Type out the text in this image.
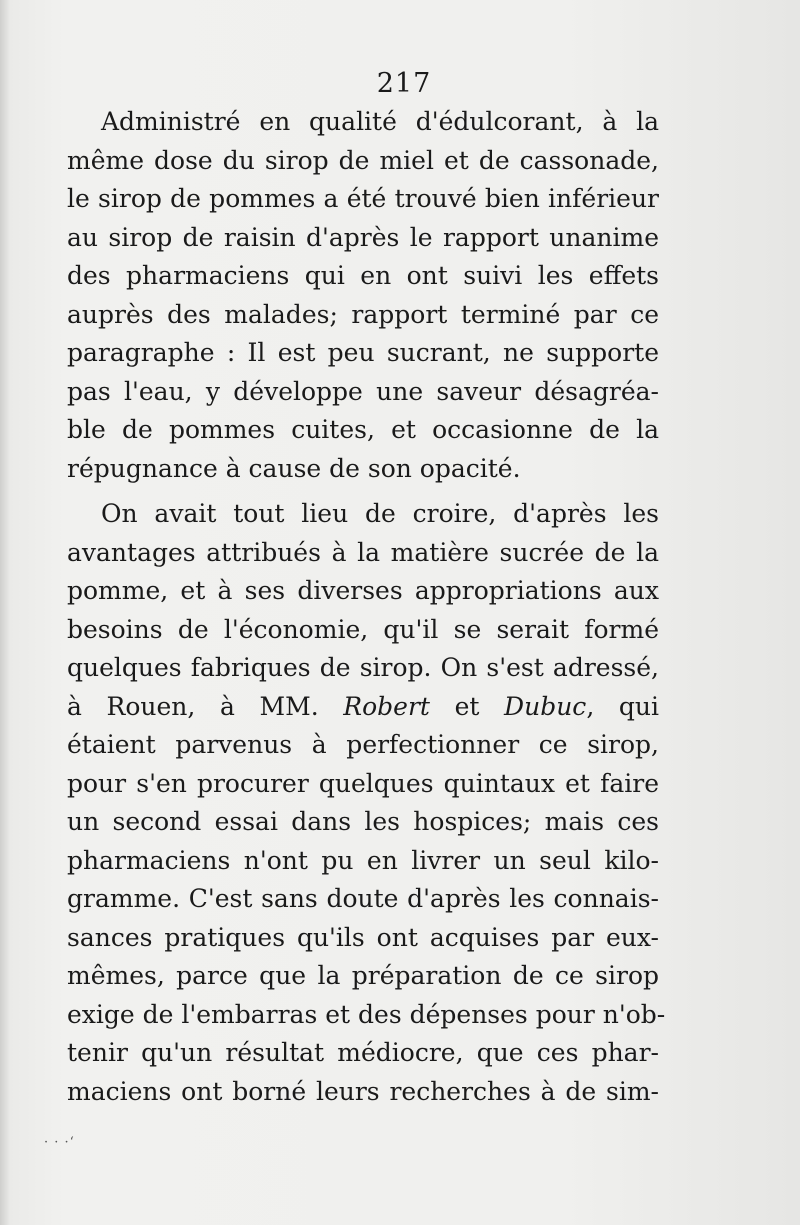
217
Administré en qualité d'édulcorant, à la
même dose du sirop de miel et de cassonade,
le sirop de pommes a été trouvé bien inférieur
au sirop de raisin d'après le rapport unanime
des pharmaciens qui en ont suivi les effets
auprès des malades; rapport terminé par ce
paragraphe : Il est peu sucrant, ne supporte
pas l'eau, y développe une saveur désagréa-
ble de pommes cuites, et occasionne de la
répugnance à cause de son opacité.
On avait tout lieu de croire, d'après les
avantages attribués à la matière sucrée de la
pomme, et à ses diverses appropriations aux
besoins de l'économie, qu'il se serait formé
quelques fabriques de sirop. On s'est adressé,
à Rouen, à MM. Robert et Dubuc, qui
étaient parvenus à perfectionner ce sirop,
pour s'en procurer quelques quintaux et faire
un second essai dans les hospices; mais ces
pharmaciens n'ont pu en livrer un seul kilo-
gramme. C'est sans doute d'après les connais-
sances pratiques qu'ils ont acquises par eux-
mêmes, parce que la préparation de ce sirop
exige de l'embarras et des dépenses pour n'ob-
tenir qu'un résultat médiocre, que ces phar-
maciens ont borné leurs recherches à de sim-
· · ·‘
